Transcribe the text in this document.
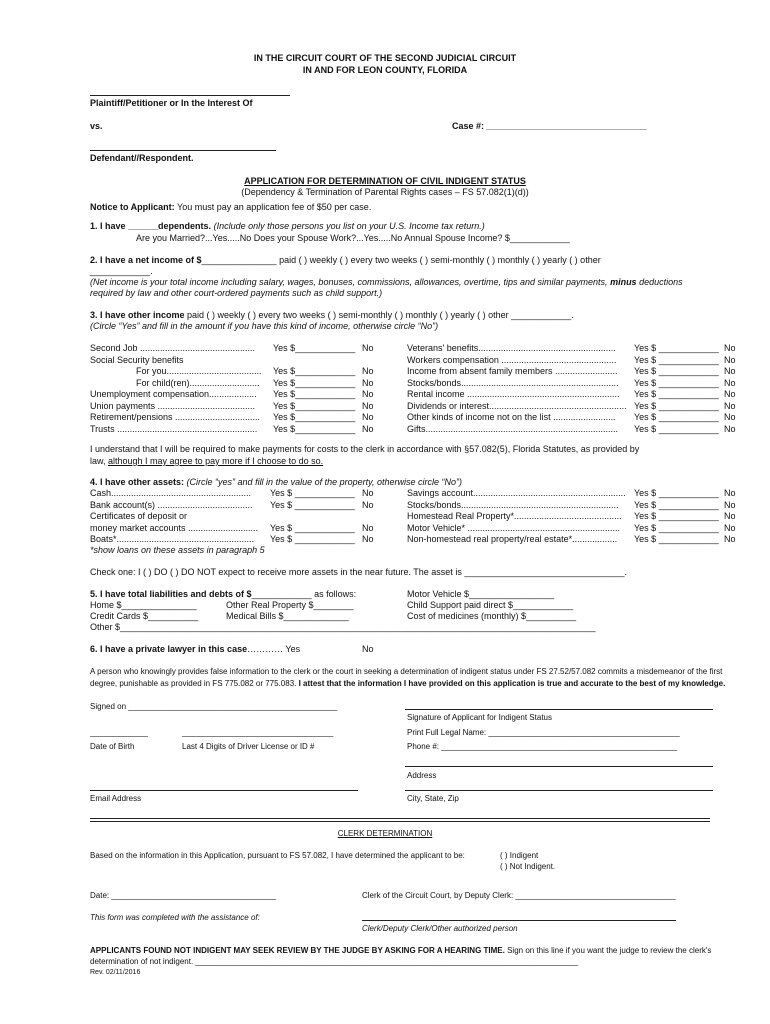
IN THE CIRCUIT COURT OF THE SECOND JUDICIAL CIRCUIT
IN AND FOR LEON COUNTY, FLORIDA
Plaintiff/Petitioner or In the Interest Of
vs.	Case #: ________________________________
Defendant//Respondent.
APPLICATION FOR DETERMINATION OF CIVIL INDIGENT STATUS
(Dependency & Termination of Parental Rights cases – FS 57.082(1)(d))
Notice to Applicant: You must pay an application fee of $50 per case.
1. I have ______dependents. (Include only those persons you list on your U.S. Income tax return.)
Are you Married?...Yes.....No Does your Spouse Work?...Yes.....No Annual Spouse Income? $____________
2. I have a net income of $_______________ paid ( ) weekly ( ) every two weeks ( ) semi-monthly ( ) monthly ( ) yearly ( ) other
____________.
(Net income is your total income including salary, wages, bonuses, commissions, allowances, overtime, tips and similar payments, minus deductions
required by law and other court-ordered payments such as child support.)
3. I have other income paid ( ) weekly ( ) every two weeks ( ) semi-monthly ( ) monthly ( ) yearly ( ) other ____________.
(Circle “Yes” and fill in the amount if you have this kind of income, otherwise circle “No”)
Second Job .............................................. Yes $____________ No
Social Security benefits
For you...................................... Yes $____________ No
For child(ren)............................ Yes $____________ No
Unemployment compensation................... Yes $____________ No
Union payments ....................................... Yes $____________ No
Retirement/pensions .................................. Yes $____________ No
Trusts ........................................................ Yes $____________ No
Veterans' benefits....................................................... Yes $ ____________ No
Workers compensation .............................................. Yes $ ____________ No
Income from absent family members ......................... Yes $ ____________ No
Stocks/bonds............................................................... Yes $ ____________ No
Rental income ............................................................. Yes $ ____________ No
Dividends or interest....................................................... Yes $ ____________ No
Other kinds of income not on the list ......................... Yes $ ____________ No
Gifts............................................................................. Yes $ ____________ No
I understand that I will be required to make payments for costs to the clerk in accordance with §57.082(5), Florida Statutes, as provided by
law, although I may agree to pay more if I choose to do so.
4. I have other assets: (Circle “yes” and fill in the value of the property, otherwise circle “No”)
Cash........................................................ Yes $ ____________ No
Bank account(s) ...................................... Yes $ ____________ No
Certificates of deposit or
money market accounts ............................ Yes $ ____________ No
Boats*....................................................... Yes $ ____________ No
Savings account............................................................. Yes $ ____________ No
Stocks/bonds............................................................... Yes $ ____________ No
Homestead Real Property*........................................... Yes $ ____________ No
Motor Vehicle* ............................................................. Yes $ ____________ No
Non-homestead real property/real estate*.................. Yes $ ____________ No
*show loans on these assets in paragraph 5
Check one: I ( ) DO ( ) DO NOT expect to receive more assets in the near future. The asset is ________________________________.
5. I have total liabilities and debts of $____________ as follows:
Home $_______________	Other Real Property $________
Credit Cards $__________	Medical Bills $_____________
Other $_______________________________________________________________________________________________
Motor Vehicle $_________________
Child Support paid direct $____________
Cost of medicines (monthly) $__________
6. I have a private lawyer in this case………… Yes	No
A person who knowingly provides false information to the clerk or the court in seeking a determination of indigent status under FS 27.52/57.082 commits a misdemeanor of the first
degree, punishable as provided in FS 775.082 or 775.083. I attest that the information I have provided on this application is true and accurate to the best of my knowledge.
Signed on _______________________________________________
Signature of Applicant for Indigent Status
Print Full Legal Name: ___________________________________________
_____________	__________________________________
Date of Birth	Last 4 Digits of Driver License or ID #	Phone #: _____________________________________________________
Address
Email Address	City, State, Zip
CLERK DETERMINATION
Based on the information in this Application, pursuant to FS 57.082, I have determined the applicant to be:	( ) Indigent
( ) Not Indigent.
Date: _____________________________________	Clerk of the Circuit Court, by Deputy Clerk: ____________________________________
This form was completed with the assistance of:
Clerk/Deputy Clerk/Other authorized person
APPLICANTS FOUND NOT INDIGENT MAY SEEK REVIEW BY THE JUDGE BY ASKING FOR A HEARING TIME. Sign on this line if you want the judge to review the clerk's
determination of not indigent. ______________________________________________________________________________________
Rev. 02/11/2016
